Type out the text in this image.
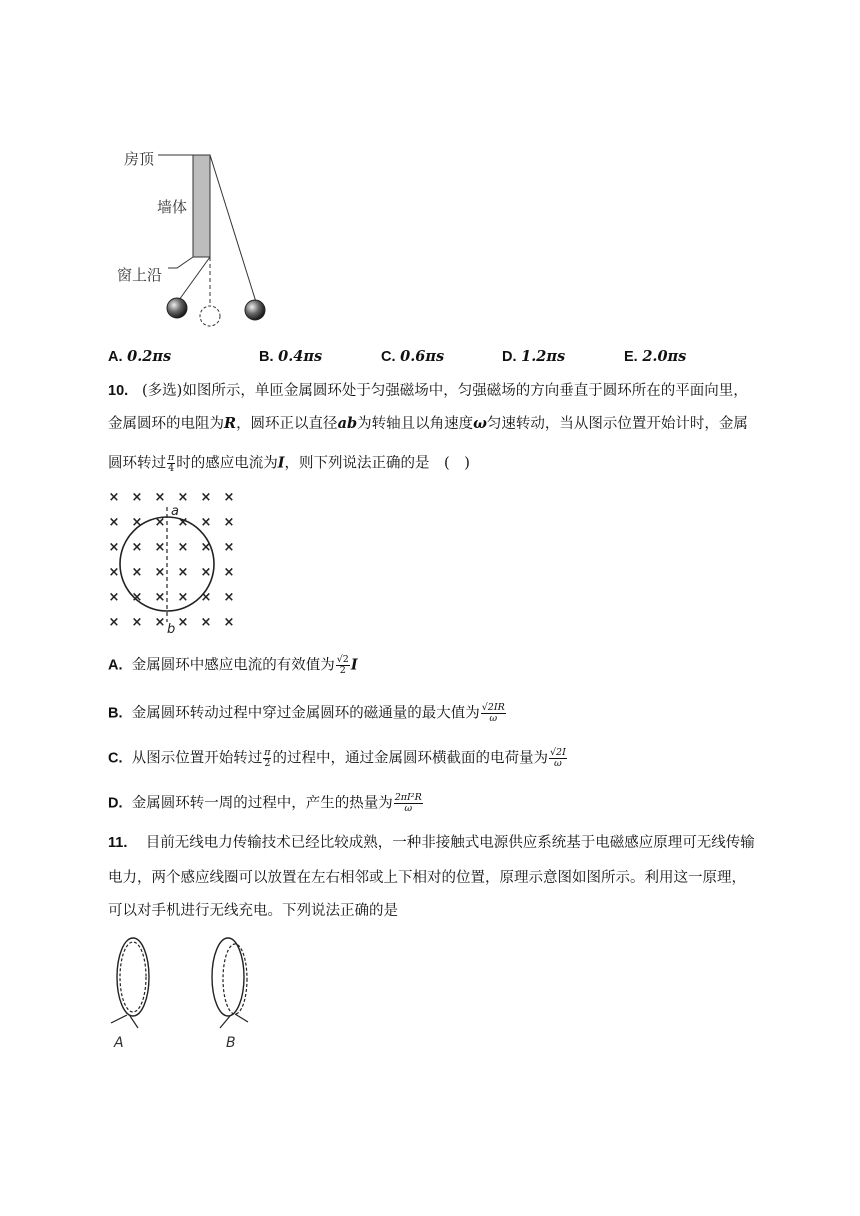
房顶
墙体
窗上沿
A. 0.2πs	B. 0.4πs	C. 0.6πs	D. 1.2πs	E. 2.0πs
10. (多选)如图所示，单匝金属圆环处于匀强磁场中，匀强磁场的方向垂直于圆环所在的平面向里，
金属圆环的电阻为R，圆环正以直径ab为转轴且以角速度ω匀速转动，当从图示位置开始计时，金属
圆环转过 $\frac{\pi}{4}$ 时的感应电流为I，则下列说法正确的是　(　)
× × × × × ×
× × × × × ×
× × × × × ×
× × × × × ×
× × × × × ×
× × × × × ×
a
b
A. 金属圆环中感应电流的有效值为 $\frac{√2}{2}$ I
B. 金属圆环转动过程中穿过金属圆环的磁通量的最大值为 $\frac{√2IR}{\omega}$
C. 从图示位置开始转过 $\frac{\pi}{2}$ 的过程中，通过金属圆环横截面的电荷量为 $\frac{√2I}{\omega}$
D. 金属圆环转一周的过程中，产生的热量为 $\frac{\text{2πI²R}}{\omega}$
11. 目前无线电力传输技术已经比较成熟，一种非接触式电源供应系统基于电磁感应原理可无线传输
电力，两个感应线圈可以放置在左右相邻或上下相对的位置，原理示意图如图所示。利用这一原理，
可以对手机进行无线充电。下列说法正确的是
A	B
